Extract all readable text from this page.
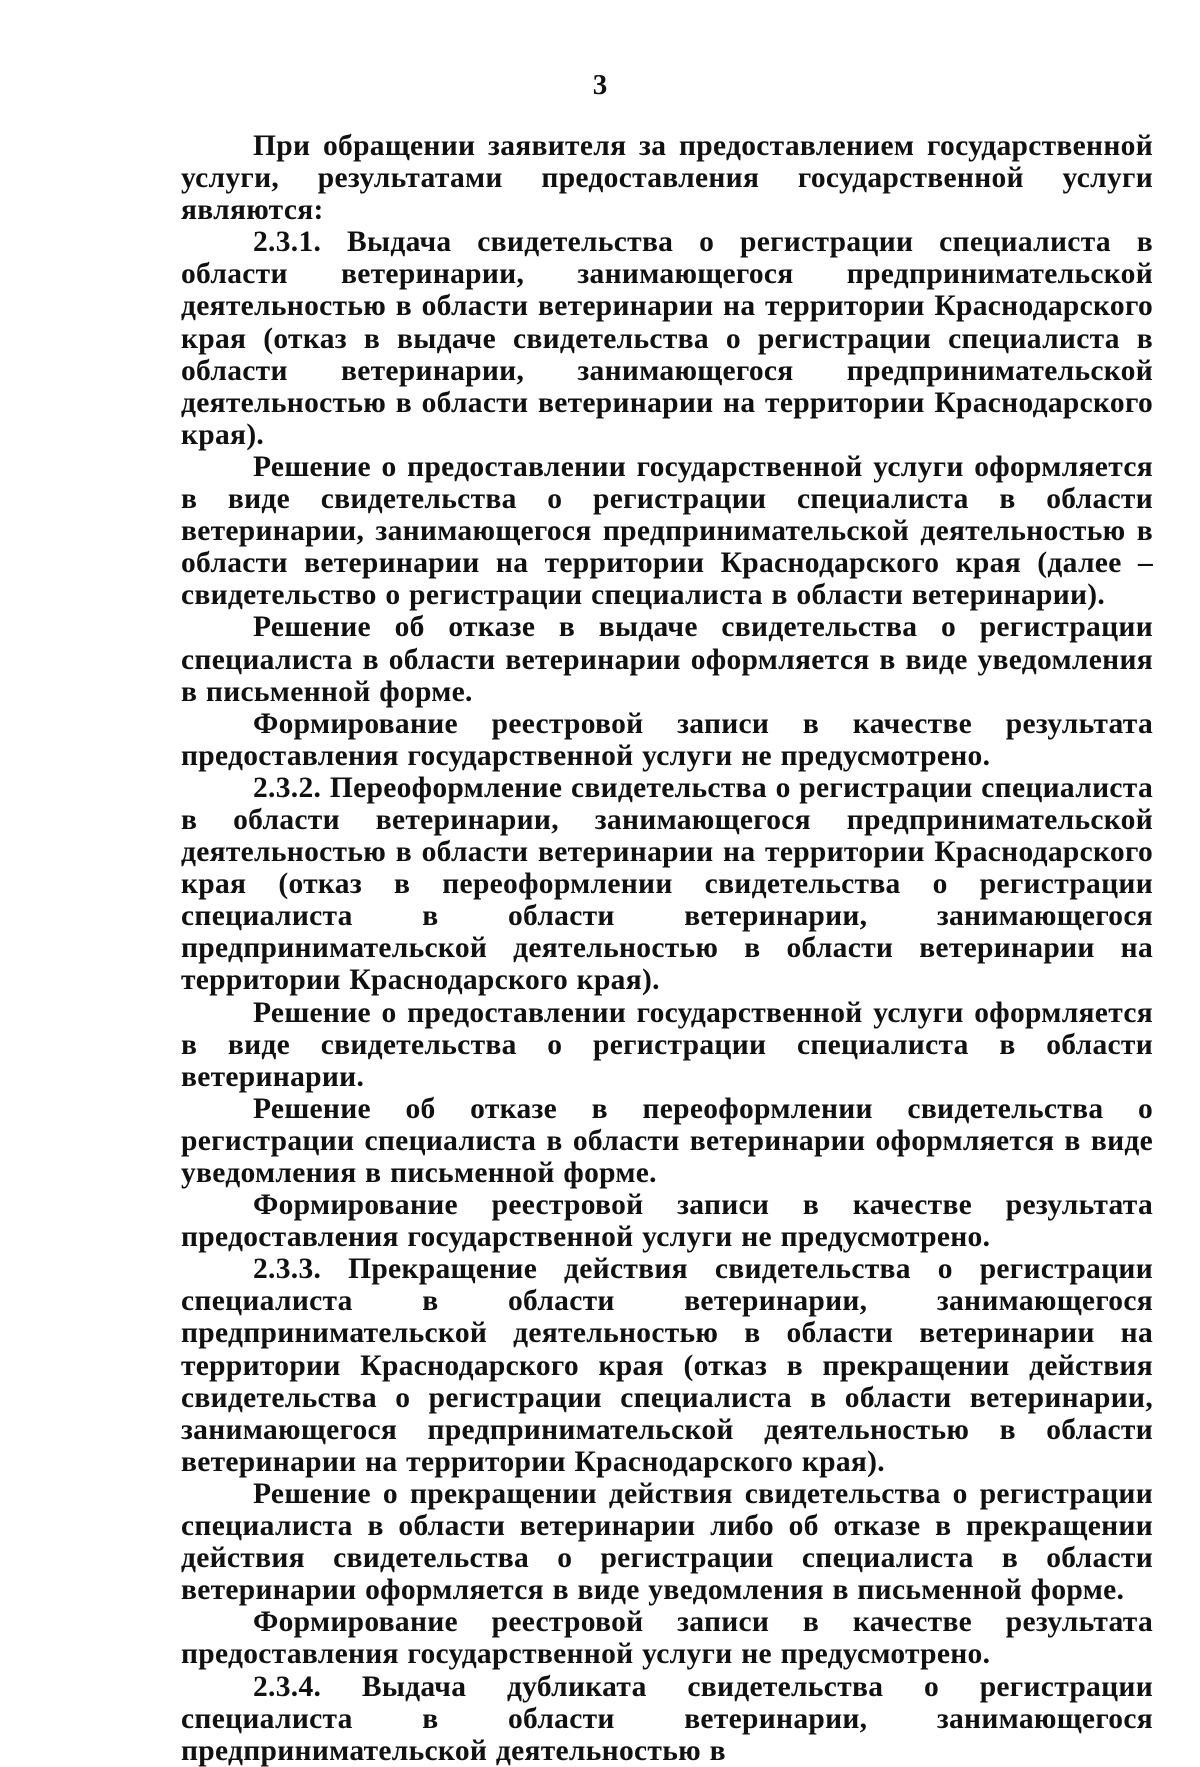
3

При обращении заявителя за предоставлением государственной услуги, результатами предоставления государственной услуги являются:

2.3.1. Выдача свидетельства о регистрации специалиста в области ветеринарии, занимающегося предпринимательской деятельностью в области ветеринарии на территории Краснодарского края (отказ в выдаче свидетельства о регистрации специалиста в области ветеринарии, занимающегося предпринимательской деятельностью в области ветеринарии на территории Краснодарского края).

Решение о предоставлении государственной услуги оформляется в виде свидетельства о регистрации специалиста в области ветеринарии, занимающегося предпринимательской деятельностью в области ветеринарии на территории Краснодарского края (далее – свидетельство о регистрации специалиста в области ветеринарии).

Решение об отказе в выдаче свидетельства о регистрации специалиста в области ветеринарии оформляется в виде уведомления в письменной форме.

Формирование реестровой записи в качестве результата предоставления государственной услуги не предусмотрено.

2.3.2. Переоформление свидетельства о регистрации специалиста в области ветеринарии, занимающегося предпринимательской деятельностью в области ветеринарии на территории Краснодарского края (отказ в переоформлении свидетельства о регистрации специалиста в области ветеринарии, занимающегося предпринимательской деятельностью в области ветеринарии на территории Краснодарского края).

Решение о предоставлении государственной услуги оформляется в виде свидетельства о регистрации специалиста в области ветеринарии.

Решение об отказе в переоформлении свидетельства о регистрации специалиста в области ветеринарии оформляется в виде уведомления в письменной форме.

Формирование реестровой записи в качестве результата предоставления государственной услуги не предусмотрено.

2.3.3. Прекращение действия свидетельства о регистрации специалиста в области ветеринарии, занимающегося предпринимательской деятельностью в области ветеринарии на территории Краснодарского края (отказ в прекращении действия свидетельства о регистрации специалиста в области ветеринарии, занимающегося предпринимательской деятельностью в области ветеринарии на территории Краснодарского края).

Решение о прекращении действия свидетельства о регистрации специалиста в области ветеринарии либо об отказе в прекращении действия свидетельства о регистрации специалиста в области ветеринарии оформляется в виде уведомления в письменной форме.

Формирование реестровой записи в качестве результата предоставления государственной услуги не предусмотрено.

2.3.4. Выдача дубликата свидетельства о регистрации специалиста в области ветеринарии, занимающегося предпринимательской деятельностью в
